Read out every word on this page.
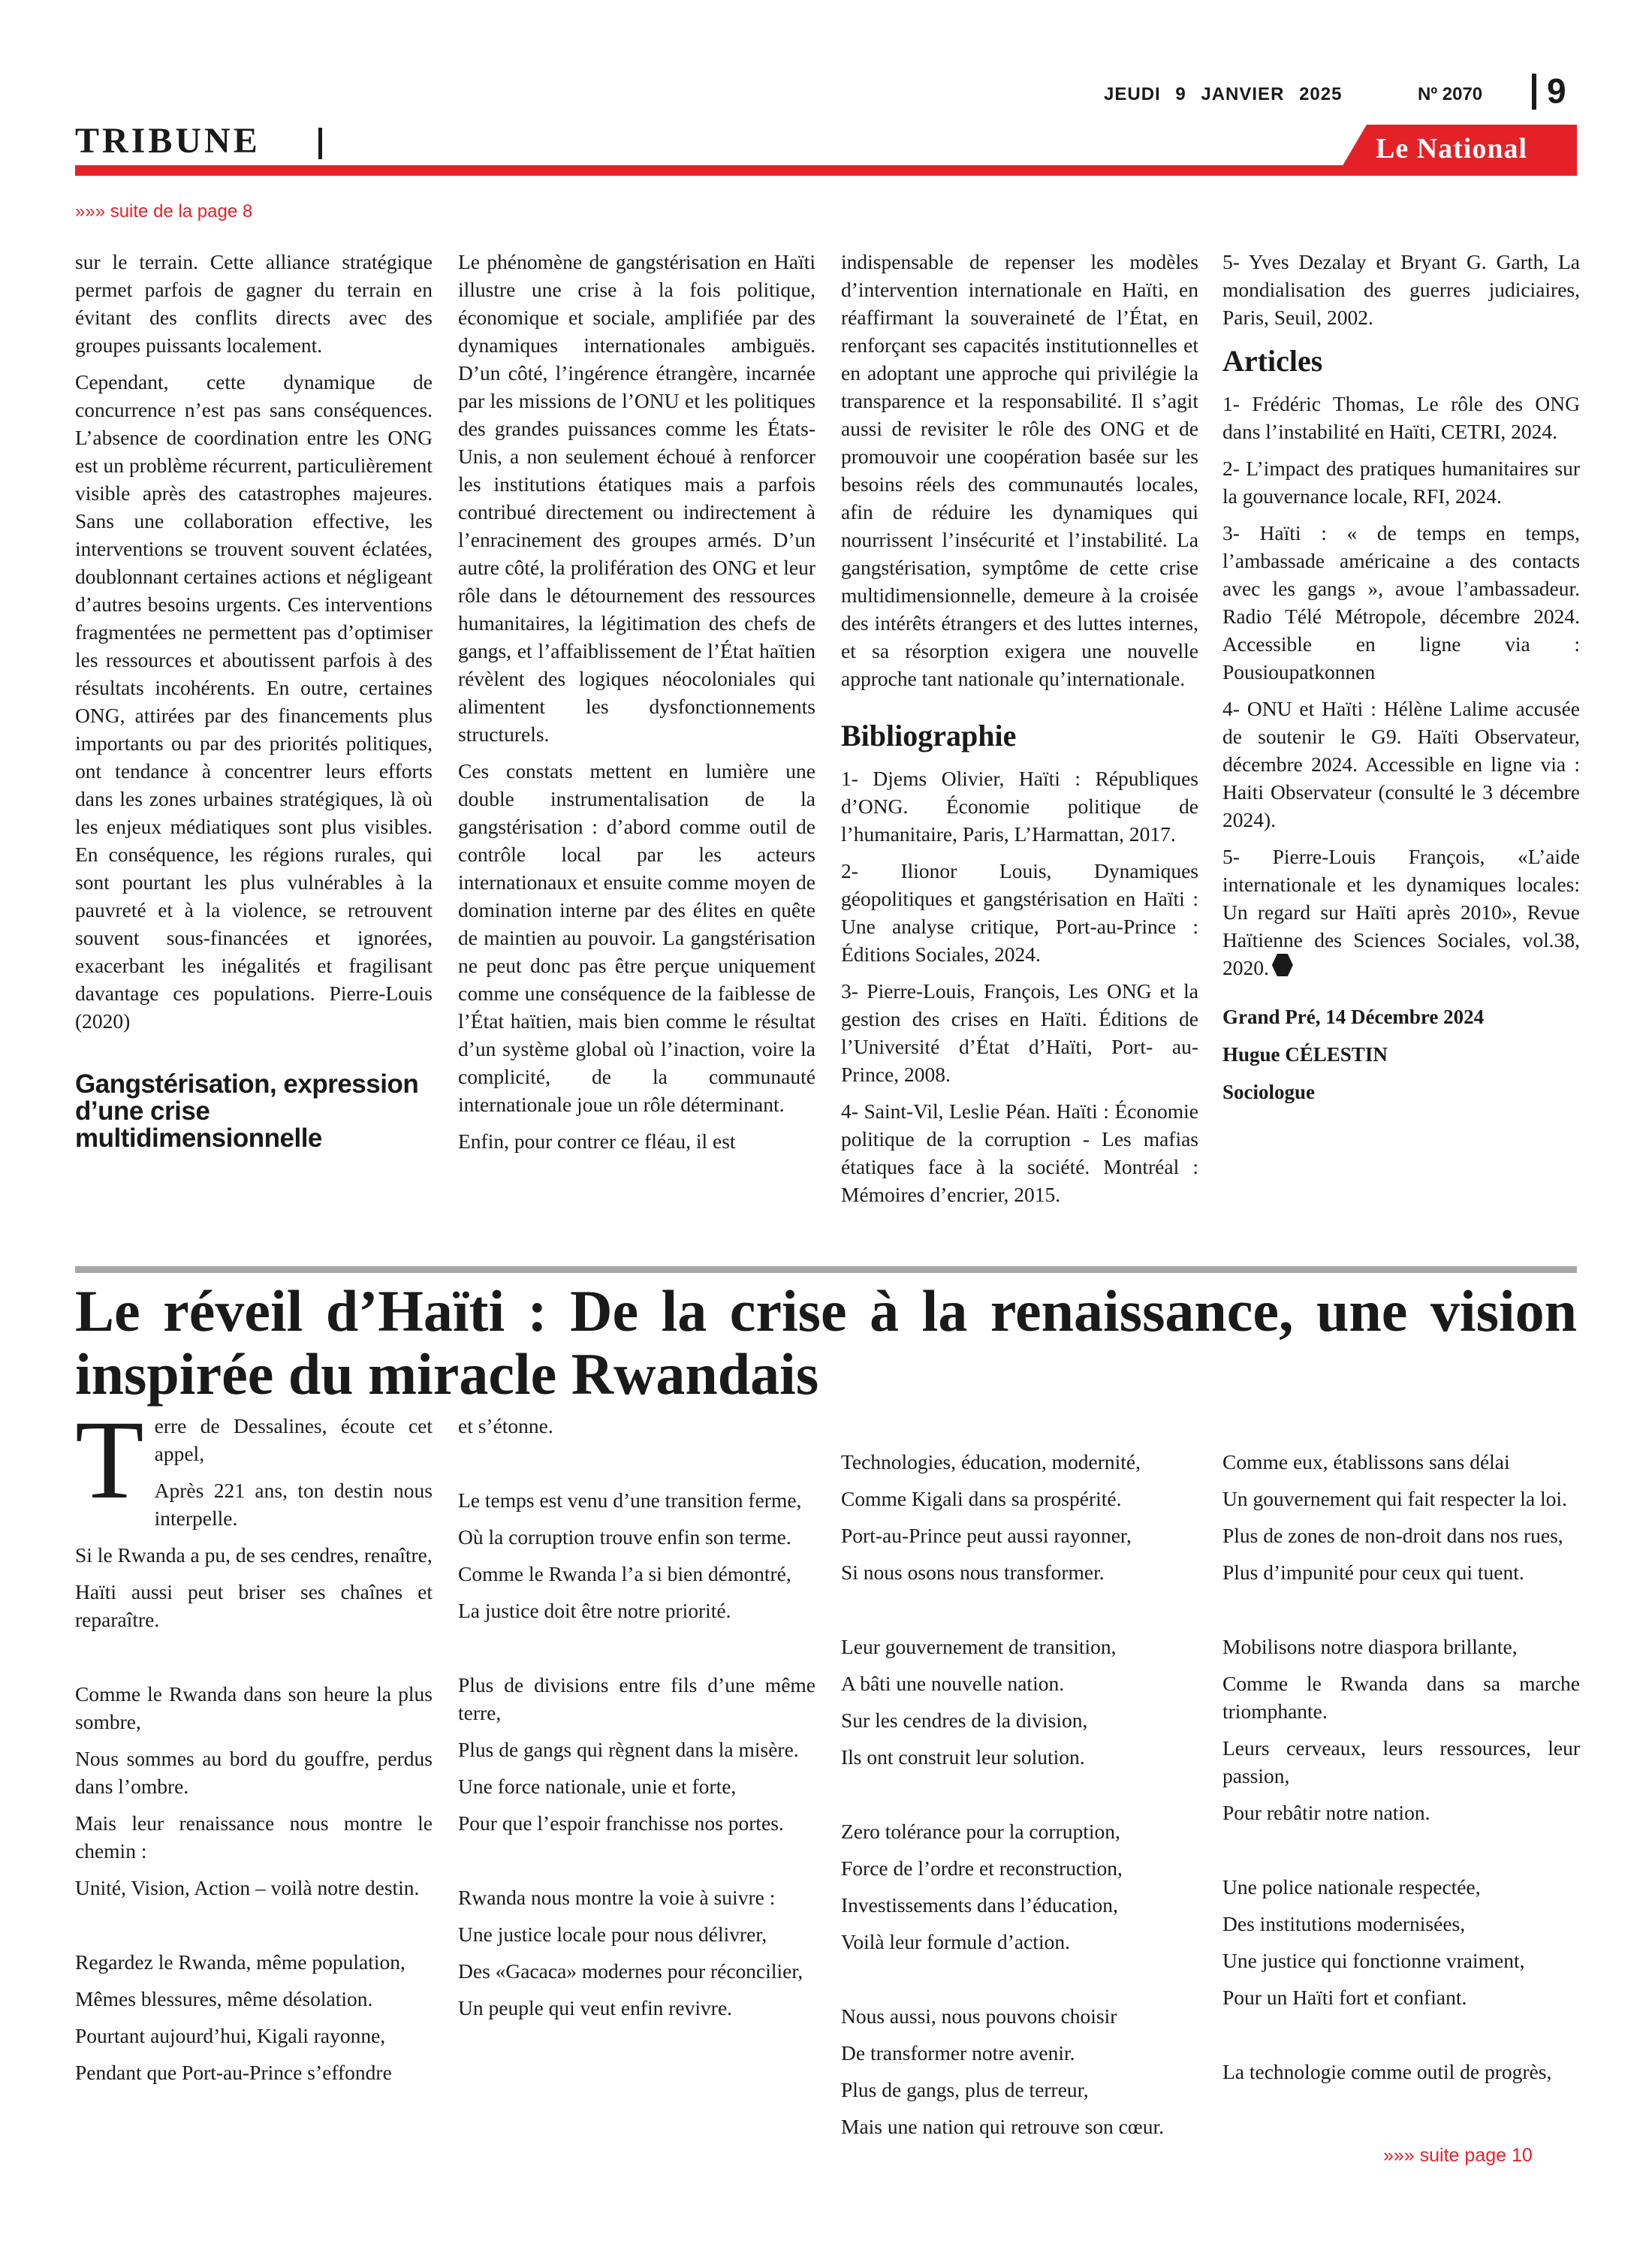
JEUDI 9 JANVIER 2025	Nº 2070 9
TRIBUNE	Le National
»»» suite de la page 8

sur le terrain. Cette alliance stratégique permet parfois de gagner du terrain en évitant des conflits directs avec des groupes puissants localement.

Cependant, cette dynamique de concurrence n’est pas sans conséquences. L’absence de coordination entre les ONG est un problème récurrent, particulièrement visible après des catastrophes majeures. Sans une collaboration effective, les interventions se trouvent souvent éclatées, doublonnant certaines actions et négligeant d’autres besoins urgents. Ces interventions fragmentées ne permettent pas d’optimiser les ressources et aboutissent parfois à des résultats incohérents. En outre, certaines ONG, attirées par des financements plus importants ou par des priorités politiques, ont tendance à concentrer leurs efforts dans les zones urbaines stratégiques, là où les enjeux médiatiques sont plus visibles. En conséquence, les régions rurales, qui sont pourtant les plus vulnérables à la pauvreté et à la violence, se retrouvent souvent sous-financées et ignorées, exacerbant les inégalités et fragilisant davantage ces populations. Pierre-Louis (2020)

Gangstérisation, expression d’une crise multidimensionnelle

Le phénomène de gangstérisation en Haïti illustre une crise à la fois politique, économique et sociale, amplifiée par des dynamiques internationales ambiguës. D’un côté, l’ingérence étrangère, incarnée par les missions de l’ONU et les politiques des grandes puissances comme les États-Unis, a non seulement échoué à renforcer les institutions étatiques mais a parfois contribué directement ou indirectement à l’enracinement des groupes armés. D’un autre côté, la prolifération des ONG et leur rôle dans le détournement des ressources humanitaires, la légitimation des chefs de gangs, et l’affaiblissement de l’État haïtien révèlent des logiques néocoloniales qui alimentent les dysfonctionnements structurels.

Ces constats mettent en lumière une double instrumentalisation de la gangstérisation : d’abord comme outil de contrôle local par les acteurs internationaux et ensuite comme moyen de domination interne par des élites en quête de maintien au pouvoir. La gangstérisation ne peut donc pas être perçue uniquement comme une conséquence de la faiblesse de l’État haïtien, mais bien comme le résultat d’un système global où l’inaction, voire la complicité, de la communauté internationale joue un rôle déterminant.

Enfin, pour contrer ce fléau, il est

indispensable de repenser les modèles d’intervention internationale en Haïti, en réaffirmant la souveraineté de l’État, en renforçant ses capacités institutionnelles et en adoptant une approche qui privilégie la transparence et la responsabilité. Il s’agit aussi de revisiter le rôle des ONG et de promouvoir une coopération basée sur les besoins réels des communautés locales, afin de réduire les dynamiques qui nourrissent l’insécurité et l’instabilité. La gangstérisation, symptôme de cette crise multidimensionnelle, demeure à la croisée des intérêts étrangers et des luttes internes, et sa résorption exigera une nouvelle approche tant nationale qu’internationale.

Bibliographie

1- Djems Olivier, Haïti : Républiques d’ONG. Économie politique de l’humanitaire, Paris, L’Harmattan, 2017.

2- Ilionor Louis, Dynamiques géopolitiques et gangstérisation en Haïti : Une analyse critique, Port-au-Prince : Éditions Sociales, 2024.

3- Pierre-Louis, François, Les ONG et la gestion des crises en Haïti. Éditions de l’Université d’État d’Haïti, Port- au-Prince, 2008.

4- Saint-Vil, Leslie Péan. Haïti : Économie politique de la corruption - Les mafias étatiques face à la société. Montréal : Mémoires d’encrier, 2015.

5- Yves Dezalay et Bryant G. Garth, La mondialisation des guerres judiciaires, Paris, Seuil, 2002.

Articles

1- Frédéric Thomas, Le rôle des ONG dans l’instabilité en Haïti, CETRI, 2024.

2- L’impact des pratiques humanitaires sur la gouvernance locale, RFI, 2024.

3- Haïti : « de temps en temps, l’ambassade américaine a des contacts avec les gangs », avoue l’ambassadeur. Radio Télé Métropole, décembre 2024. Accessible en ligne via : Pousioupatkonnen

4- ONU et Haïti : Hélène Lalime accusée de soutenir le G9. Haïti Observateur, décembre 2024. Accessible en ligne via : Haiti Observateur (consulté le 3 décembre 2024).

5- Pierre-Louis François, «L’aide internationale et les dynamiques locales: Un regard sur Haïti après 2010», Revue Haïtienne des Sciences Sociales, vol.38, 2020.

Grand Pré, 14 Décembre 2024
Hugue CÉLESTIN
Sociologue
Le réveil d’Haïti : De la crise à la renaissance, une vision inspirée du miracle Rwandais

Terre de Dessalines, écoute cet appel,

Après 221 ans, ton destin nous interpelle.

Si le Rwanda a pu, de ses cendres, renaître,

Haïti aussi peut briser ses chaînes et reparaître.

Comme le Rwanda dans son heure la plus sombre,

Nous sommes au bord du gouffre, perdus dans l’ombre.

Mais leur renaissance nous montre le chemin :

Unité, Vision, Action – voilà notre destin.

Regardez le Rwanda, même population,

Mêmes blessures, même désolation.

Pourtant aujourd’hui, Kigali rayonne,

Pendant que Port-au-Prince s’effondre

et s’étonne.

Le temps est venu d’une transition ferme,

Où la corruption trouve enfin son terme.

Comme le Rwanda l’a si bien démontré,

La justice doit être notre priorité.

Plus de divisions entre fils d’une même terre,

Plus de gangs qui règnent dans la misère.

Une force nationale, unie et forte,

Pour que l’espoir franchisse nos portes.

Rwanda nous montre la voie à suivre :

Une justice locale pour nous délivrer,

Des «Gacaca» modernes pour réconcilier,

Un peuple qui veut enfin revivre.

Technologies, éducation, modernité,

Comme Kigali dans sa prospérité.

Port-au-Prince peut aussi rayonner,

Si nous osons nous transformer.

Leur gouvernement de transition,

A bâti une nouvelle nation.

Sur les cendres de la division,

Ils ont construit leur solution.

Zero tolérance pour la corruption,

Force de l’ordre et reconstruction,

Investissements dans l’éducation,

Voilà leur formule d’action.

Nous aussi, nous pouvons choisir

De transformer notre avenir.

Plus de gangs, plus de terreur,

Mais une nation qui retrouve son cœur.

Comme eux, établissons sans délai

Un gouvernement qui fait respecter la loi.

Plus de zones de non-droit dans nos rues,

Plus d’impunité pour ceux qui tuent.

Mobilisons notre diaspora brillante,

Comme le Rwanda dans sa marche triomphante.

Leurs cerveaux, leurs ressources, leur passion,

Pour rebâtir notre nation.

Une police nationale respectée,

Des institutions modernisées,

Une justice qui fonctionne vraiment,

Pour un Haïti fort et confiant.

La technologie comme outil de progrès,

»»» suite page 10
